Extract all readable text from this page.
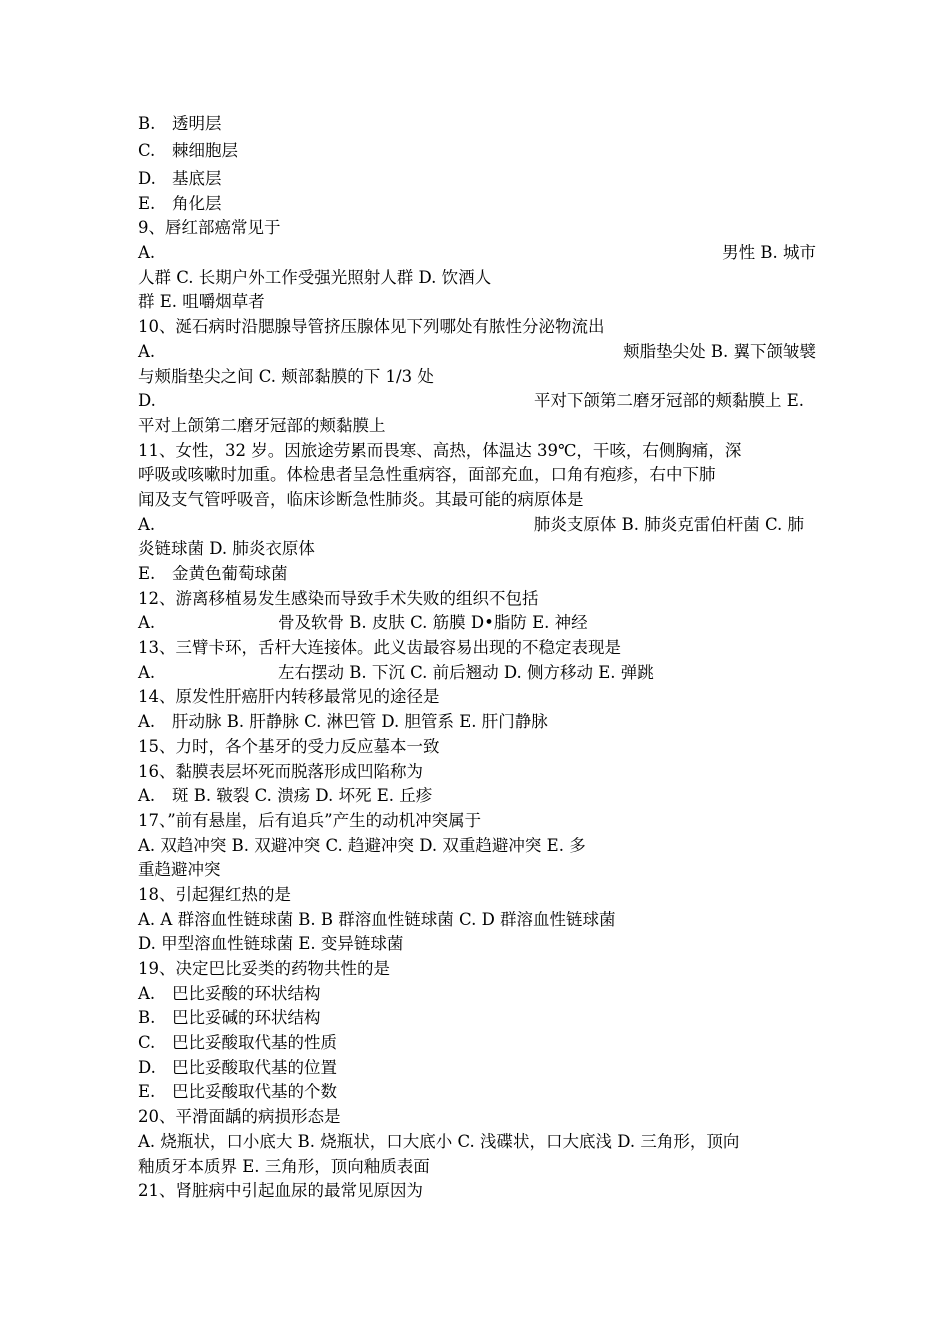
B.	透明层
C.	棘细胞层
D. 基底层
E.	角化层
9、唇红部癌常见于
A.	男性 B. 城市
人群 C. 长期户外工作受强光照射人群 D. 饮酒人
群 E. 咀嚼烟草者
10、涎石病时沿腮腺导管挤压腺体见下列哪处有脓性分泌物流出
A.	颊脂垫尖处 B. 翼下颌皱襞
与颊脂垫尖之间 C. 颊部黏膜的下 1/3 处
D.	平对下颌第二磨牙冠部的颊黏膜上 E.
平对上颌第二磨牙冠部的颊黏膜上
11、女性，32 岁。因旅途劳累而畏寒、高热，体温达 39℃，干咳，右侧胸痛，深
呼吸或咳嗽时加重。体检患者呈急性重病容，面部充血，口角有疱疹，右中下肺
闻及支气管呼吸音，临床诊断急性肺炎。其最可能的病原体是
A.	肺炎支原体 B. 肺炎克雷伯杆菌 C. 肺
炎链球菌 D. 肺炎衣原体
E.	金黄色葡萄球菌
12、游离移植易发生感染而导致手术失败的组织不包括
A.	骨及软骨 B. 皮肤 C. 筋膜 D•脂防 E. 神经
13、三臂卡环，舌杆大连接体。此义齿最容易出现的不稳定表现是
A.	左右摆动 B. 下沉 C. 前后翘动 D. 侧方移动 E. 弹跳
14、原发性肝癌肝内转移最常见的途径是
A.	肝动脉 B. 肝静脉 C. 淋巴管 D. 胆管系 E. 肝门静脉
15、力时，各个基牙的受力反应墓本一致
16、黏膜表层坏死而脱落形成凹陷称为
A.	斑 B. 皲裂 C. 溃疡 D. 坏死 E. 丘疹
17、”前有悬崖，后有追兵”产生的动机冲突属于
A. 双趋冲突 B. 双避冲突 C. 趋避冲突 D. 双重趋避冲突 E. 多
重趋避冲突
18、引起猩红热的是
A. A 群溶血性链球菌 B. B 群溶血性链球菌 C. D 群溶血性链球菌
D. 甲型溶血性链球菌 E. 变异链球菌
19、决定巴比妥类的药物共性的是
A.	巴比妥酸的环状结构
B.	巴比妥碱的环状结构
C.	巴比妥酸取代基的性质
D. 巴比妥酸取代基的位置
E.	巴比妥酸取代基的个数
20、平滑面龋的病损形态是
A. 烧瓶状，口小底大 B. 烧瓶状，口大底小 C. 浅碟状，口大底浅 D. 三角形，顶向
釉质牙本质界 E. 三角形，顶向釉质表面
21、肾脏病中引起血尿的最常见原因为
